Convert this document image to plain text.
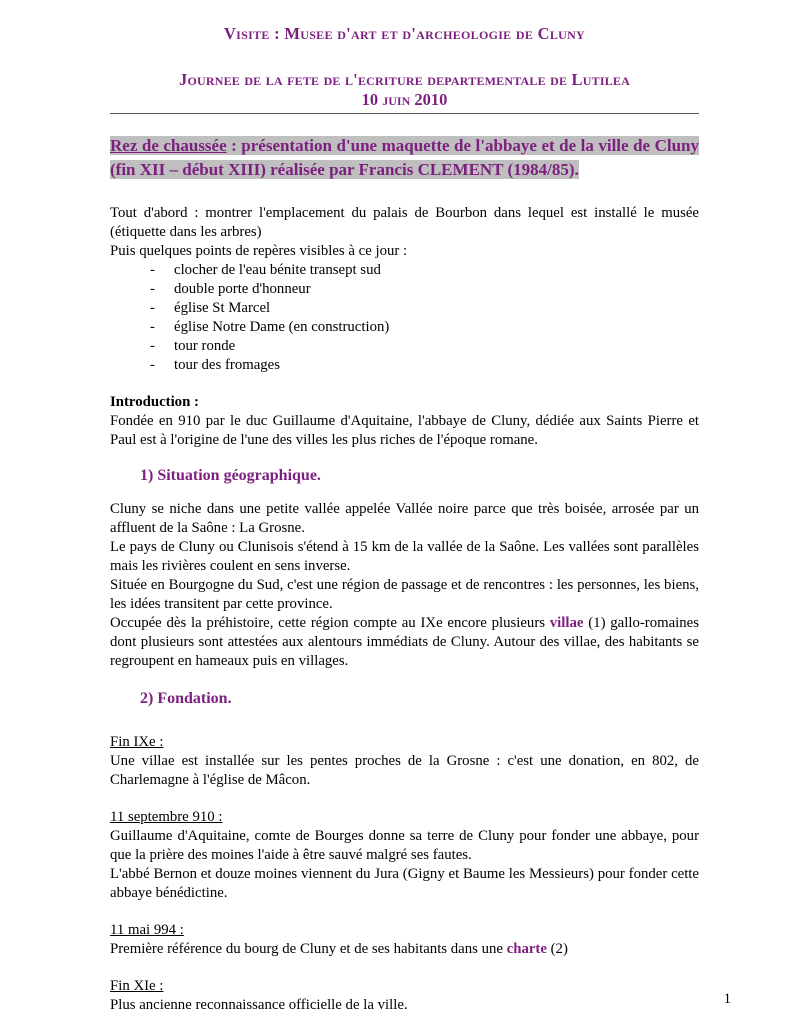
Visite : Musee d'art et d'archeologie de Cluny
Journee de la fete de l'ecriture departementale de Lutilea
10 juin 2010

Rez de chaussée : présentation d'une maquette de l'abbaye et de la ville de Cluny (fin XII – début XIII) réalisée par Francis CLEMENT (1984/85).

Tout d'abord : montrer l'emplacement du palais de Bourbon dans lequel est installé le musée (étiquette dans les arbres)

Puis quelques points de repères visibles à ce jour :

-	clocher de l'eau bénite transept sud
-	double porte d'honneur
-	église St Marcel
-	église Notre Dame (en construction)
-	tour ronde
-	tour des fromages
Introduction :

Fondée en 910 par le duc Guillaume d'Aquitaine, l'abbaye de Cluny, dédiée aux Saints Pierre et Paul est à l'origine de l'une des villes les plus riches de l'époque romane.

1) Situation géographique.

Cluny se niche dans une petite vallée appelée Vallée noire parce que très boisée, arrosée par un affluent de la Saône : La Grosne.

Le pays de Cluny ou Clunisois s'étend à 15 km de la vallée de la Saône. Les vallées sont parallèles mais les rivières coulent en sens inverse.

Située en Bourgogne du Sud, c'est une région de passage et de rencontres : les personnes, les biens, les idées transitent par cette province.

Occupée dès la préhistoire, cette région compte au IXe encore plusieurs villae (1) gallo-romaines dont plusieurs sont attestées aux alentours immédiats de Cluny. Autour des villae, des habitants se regroupent en hameaux puis en villages.

2) Fondation.
Fin IXe :

Une villae est installée sur les pentes proches de la Grosne : c'est une donation, en 802, de Charlemagne à l'église de Mâcon.

11 septembre 910 :

Guillaume d'Aquitaine, comte de Bourges donne sa terre de Cluny pour fonder une abbaye, pour que la prière des moines l'aide à être sauvé malgré ses fautes.

L'abbé Bernon et douze moines viennent du Jura (Gigny et Baume les Messieurs) pour fonder cette abbaye bénédictine.

11 mai 994 :

Première référence du bourg de Cluny et de ses habitants dans une charte (2)

Fin XIe :

Plus ancienne reconnaissance officielle de la ville.	1
